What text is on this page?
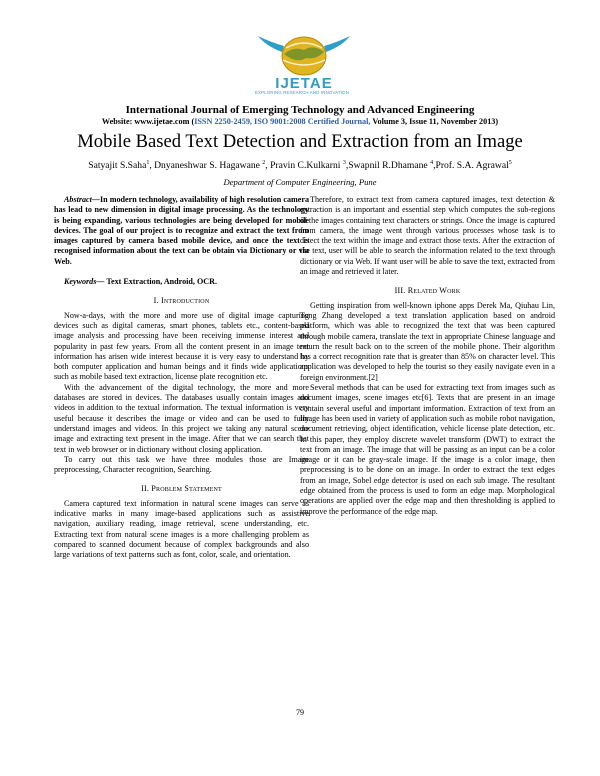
IJETAE
EXPLORING RESEARCH AND INNOVATION
International Journal of Emerging Technology and Advanced Engineering
Website: www.ijetae.com (ISSN 2250-2459, ISO 9001:2008 Certified Journal, Volume 3, Issue 11, November 2013)
Mobile Based Text Detection and Extraction from an Image
Satyajit S.Saha$^1$, Dnyaneshwar S. Hagawane $^2$, Pravin C.Kulkarni $^3$,Swapnil R.Dhamane $^4$,Prof. S.A. Agrawal$^5$
Department of Computer Engineering, Pune

Abstract—In modern technology, availability of high resolution camera has lead to new dimension in digital image processing. As the technology is being expanding, various technologies are being developed for mobile devices. The goal of our project is to recognize and extract the text from images captured by camera based mobile device, and once the text is recognised information about the text can be obtain via Dictionary or via Web.

Keywords— Text Extraction, Android, OCR.

I. Introduction

Now-a-days, with the more and more use of digital image capturing devices such as digital cameras, smart phones, tablets etc., content-based image analysis and processing have been receiving immense interest and popularity in past few years. From all the content present in an image text information has arisen wide interest because it is very easy to understand by both computer application and human beings and it finds wide applications such as mobile based text extraction, license plate recognition etc.

With the advancement of the digital technology, the more and more databases are stored in devices. The databases usually contain images and videos in addition to the textual information. The textual information is very useful because it describes the image or video and can be used to fully understand images and videos. In this project we taking any natural scene image and extracting text present in the image. After that we can search that text in web browser or in dictionary without closing application.

To carry out this task we have three modules those are Image preprocessing, Character recognition, Searching.

II. Problem Statement

Camera captured text information in natural scene images can serve as indicative marks in many image-based applications such as assistive navigation, auxiliary reading, image retrieval, scene understanding, etc. Extracting text from natural scene images is a more challenging problem as compared to scanned document because of complex backgrounds and also large variations of text patterns such as font, color, scale, and orientation.

Therefore, to extract text from camera captured images, text detection & extraction is an important and essential step which computes the sub-regions of the images containing text characters or strings. Once the image is captured from camera, the image went through various processes whose task is to detect the text within the image and extract those texts. After the extraction of the text, user will be able to search the information related to the text through dictionary or via Web. If want user will be able to save the text, extracted from an image and retrieved it later.

III. Related Work

Getting inspiration from well-known iphone apps Derek Ma, Qiuhau Lin, Tong Zhang developed a text translation application based on android platform, which was able to recognized the text that was been captured through mobile camera, translate the text in appropriate Chinese language and return the result back on to the screen of the mobile phone. Their algorithm has a correct recognition rate that is greater than 85% on character level. This application was developed to help the tourist so they easily navigate even in a foreign environment.[2]

Several methods that can be used for extracting text from images such as document images, scene images etc[6]. Texts that are present in an image contain several useful and important imformation. Extraction of text from an image has been used in variety of application such as mobile robot navigation, document retrieving, object identification, vehicle license plate detection, etc. In this paper, they employ discrete wavelet transform (DWT) to extract the text from an image. The image that will be passing as an input can be a color image or it can be gray-scale image. If the image is a color image, then preprocessing is to be done on an image. In order to extract the text edges from an image, Sobel edge detector is used on each sub image. The resultant edge obtained from the process is used to form an edge map. Morphological operations are applied over the edge map and then thresholding is applied to improve the performance of the edge map.

79
